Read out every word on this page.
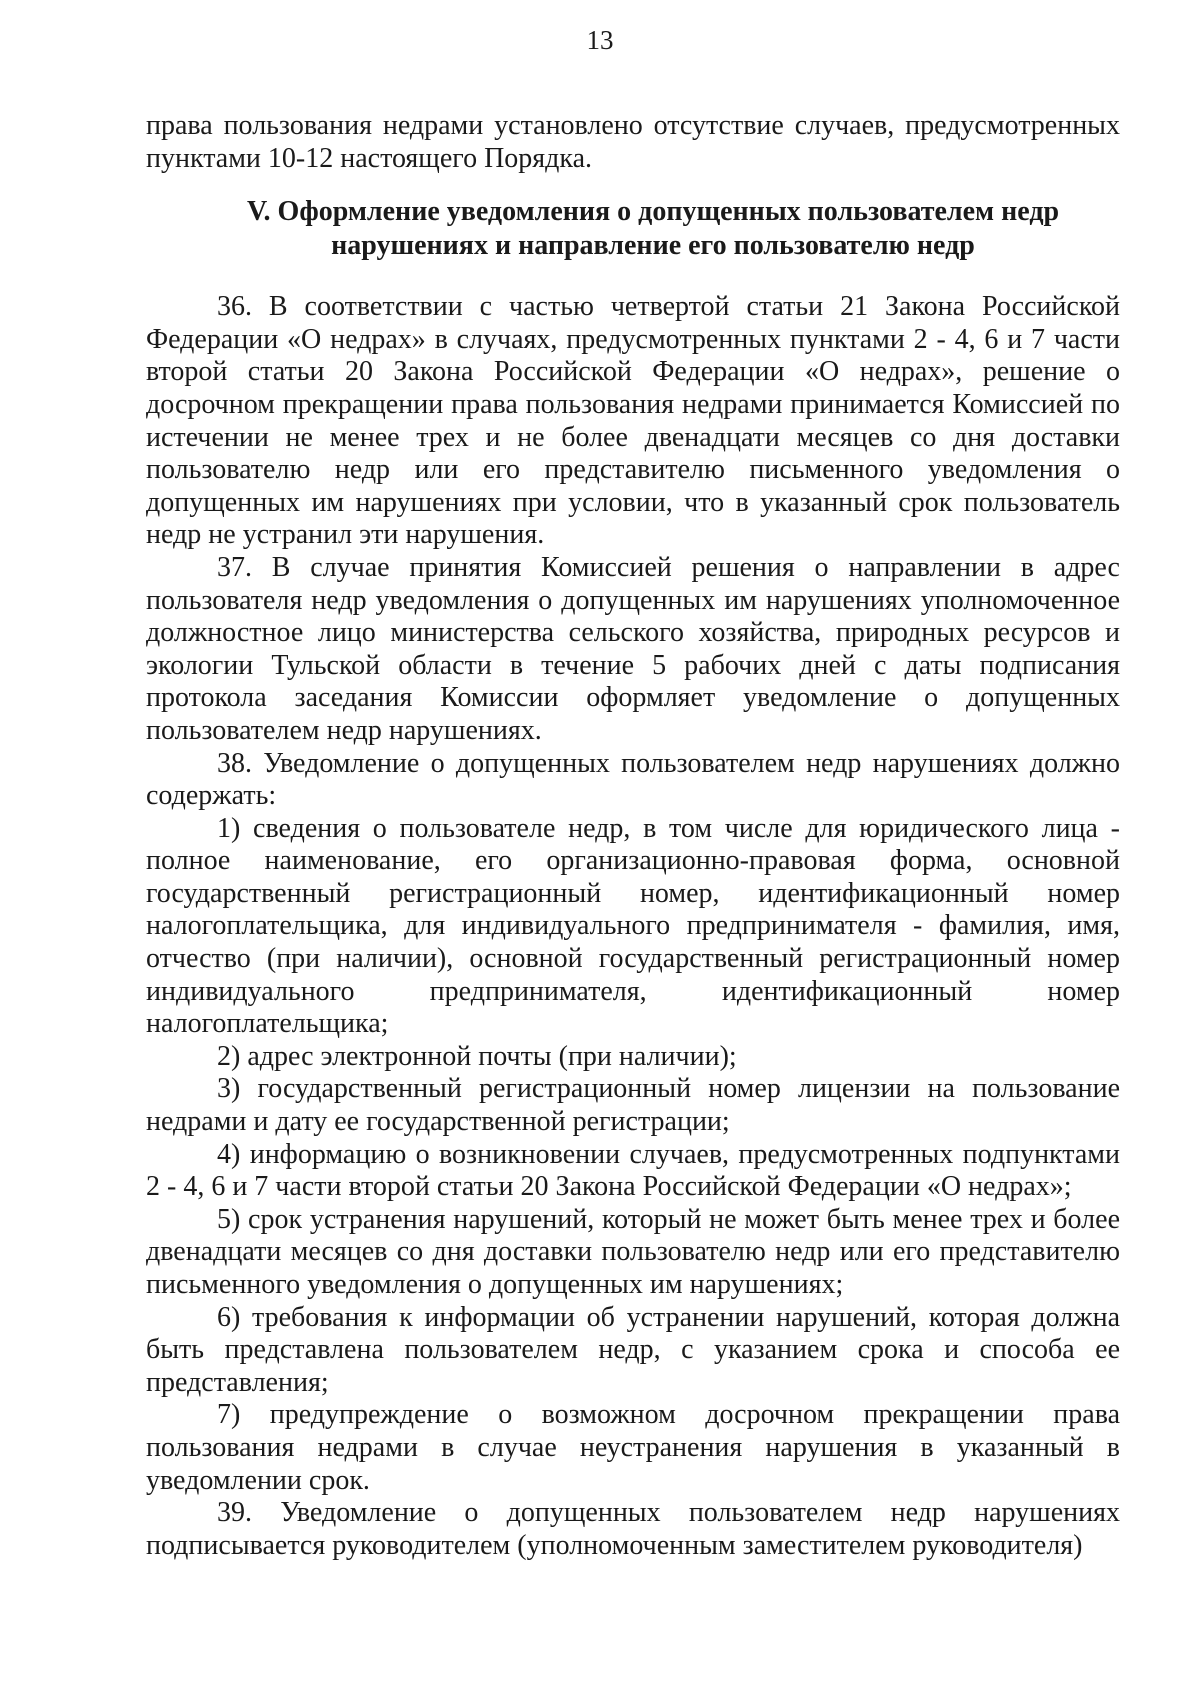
13

права пользования недрами установлено отсутствие случаев, предусмотренных пунктами 10-12 настоящего Порядка.

V. Оформление уведомления о допущенных пользователем недр
нарушениях и направление его пользователю недр

36. В соответствии с частью четвертой статьи 21 Закона Российской Федерации «О недрах» в случаях, предусмотренных пунктами 2 - 4, 6 и 7 части второй статьи 20 Закона Российской Федерации «О недрах», решение о досрочном прекращении права пользования недрами принимается Комиссией по истечении не менее трех и не более двенадцати месяцев со дня доставки пользователю недр или его представителю письменного уведомления о допущенных им нарушениях при условии, что в указанный срок пользователь недр не устранил эти нарушения.

37. В случае принятия Комиссией решения о направлении в адрес пользователя недр уведомления о допущенных им нарушениях уполномоченное должностное лицо министерства сельского хозяйства, природных ресурсов и экологии Тульской области в течение 5 рабочих дней с даты подписания протокола заседания Комиссии оформляет уведомление о допущенных пользователем недр нарушениях.

38. Уведомление о допущенных пользователем недр нарушениях должно содержать:

1) сведения о пользователе недр, в том числе для юридического лица - полное наименование, его организационно-правовая форма, основной государственный регистрационный номер, идентификационный номер налогоплательщика, для индивидуального предпринимателя - фамилия, имя, отчество (при наличии), основной государственный регистрационный номер индивидуального предпринимателя, идентификационный номер налогоплательщика;

2) адрес электронной почты (при наличии);

3) государственный регистрационный номер лицензии на пользование недрами и дату ее государственной регистрации;

4) информацию о возникновении случаев, предусмотренных подпунктами 2 - 4, 6 и 7 части второй статьи 20 Закона Российской Федерации «О недрах»;

5) срок устранения нарушений, который не может быть менее трех и более двенадцати месяцев со дня доставки пользователю недр или его представителю письменного уведомления о допущенных им нарушениях;

6) требования к информации об устранении нарушений, которая должна быть представлена пользователем недр, с указанием срока и способа ее представления;

7) предупреждение о возможном досрочном прекращении права пользования недрами в случае неустранения нарушения в указанный в уведомлении срок.

39. Уведомление о допущенных пользователем недр нарушениях подписывается руководителем (уполномоченным заместителем руководителя)
